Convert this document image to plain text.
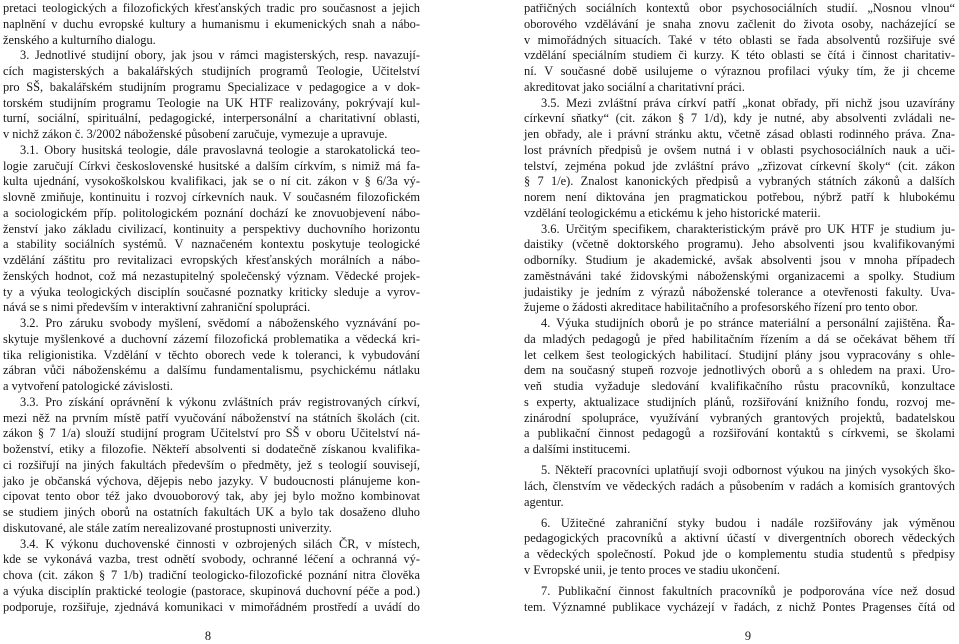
pretaci teologických a filozofických křesťanských tradic pro současnost a jejich
naplnění v duchu evropské kultury a humanismu i ekumenických snah a nábo-
ženského a kulturního dialogu.
3. Jednotlivé studijní obory, jak jsou v rámci magisterských, resp. navazují-
cích magisterských a bakalářských studijních programů Teologie, Učitelství
pro SŠ, bakalářském studijním programu Specializace v pedagogice a v dok-
torském studijním programu Teologie na UK HTF realizovány, pokrývají kul-
turní, sociální, spirituální, pedagogické, interpersonální a charitativní oblasti,
v nichž zákon č. 3/2002 náboženské působení zaručuje, vymezuje a upravuje.
3.1. Obory husitská teologie, dále pravoslavná teologie a starokatolická teo-
logie zaručují Církvi československé husitské a dalším církvím, s nimiž má fa-
kulta ujednání, vysokoškolskou kvalifikaci, jak se o ní cit. zákon v § 6/3a vý-
slovně zmiňuje, kontinuitu i rozvoj církevních nauk. V současném filozofickém
a sociologickém příp. politologickém poznání dochází ke znovuobjevení nábo-
ženství jako základu civilizací, kontinuity a perspektivy duchovního horizontu
a stability sociálních systémů. V naznačeném kontextu poskytuje teologické
vzdělání záštitu pro revitalizaci evropských křesťanských morálních a nábo-
ženských hodnot, což má nezastupitelný společenský význam. Vědecké projek-
ty a výuka teologických disciplín současné poznatky kriticky sleduje a vyrov-
nává se s nimi především v interaktivní zahraniční spolupráci.
3.2. Pro záruku svobody myšlení, svědomí a náboženského vyznávání po-
skytuje myšlenkové a duchovní zázemí filozofická problematika a vědecká kri-
tika religionistika. Vzdělání v těchto oborech vede k toleranci, k vybudování
zábran vůči náboženskému a dalšímu fundamentalismu, psychickému nátlaku
a vytvoření patologické závislosti.
3.3. Pro získání oprávnění k výkonu zvláštních práv registrovaných církví,
mezi něž na prvním místě patří vyučování náboženství na státních školách (cit.
zákon § 7 1/a) slouží studijní program Učitelství pro SŠ v oboru Učitelství ná-
boženství, etiky a filozofie. Někteří absolventi si dodatečně získanou kvalifika-
ci rozšiřují na jiných fakultách především o předměty, jež s teologií souvisejí,
jako je občanská výchova, dějepis nebo jazyky. V budoucnosti plánujeme kon-
cipovat tento obor též jako dvouoborový tak, aby jej bylo možno kombinovat
se studiem jiných oborů na ostatních fakultách UK a bylo tak dosaženo dluho
diskutované, ale stále zatím nerealizované prostupnosti univerzity.
3.4. K výkonu duchovenské činnosti v ozbrojených silách ČR, v místech,
kde se vykonává vazba, trest odnětí svobody, ochranné léčení a ochranná vý-
chova (cit. zákon § 7 1/b) tradiční teologicko-filozofické poznání nitra člověka
a výuka disciplín praktické teologie (pastorace, skupinová duchovní péče a pod.)
podporuje, rozšiřuje, zjednává komunikaci v mimořádném prostředí a uvádí do
8
patřičných sociálních kontextů obor psychosociálních studií. „Nosnou vlnou“
oborového vzdělávání je snaha znovu začlenit do života osoby, nacházející se
v mimořádných situacích. Také v této oblasti se řada absolventů rozšiřuje své
vzdělání speciálním studiem či kurzy. K této oblasti se čítá i činnost charitativ-
ní. V současné době usilujeme o výraznou profilaci výuky tím, že ji chceme
akreditovat jako sociální a charitativní práci.
3.5. Mezi zvláštní práva církví patří „konat obřady, při nichž jsou uzavírány
církevní sňatky“ (cit. zákon § 7 1/d), kdy je nutné, aby absolventi zvládali ne-
jen obřady, ale i právní stránku aktu, včetně zásad oblasti rodinného práva. Zna-
lost právních předpisů je ovšem nutná i v oblasti psychosociálních nauk a uči-
telství, zejména pokud jde zvláštní právo „zřizovat církevní školy“ (cit. zákon
§ 7 1/e). Znalost kanonických předpisů a vybraných státních zákonů a dalších
norem není diktována jen pragmatickou potřebou, nýbrž patří k hlubokému
vzdělání teologickému a etickému k jeho historické materii.
3.6. Určitým specifikem, charakteristickým právě pro UK HTF je studium ju-
daistiky (včetně doktorského programu). Jeho absolventi jsou kvalifikovanými
odborníky. Studium je akademické, avšak absolventi jsou v mnoha případech
zaměstnáváni také židovskými náboženskými organizacemi a spolky. Studium
judaistiky je jedním z výrazů náboženské tolerance a otevřenosti fakulty. Uva-
žujeme o žádosti akreditace habilitačního a profesorského řízení pro tento obor.
4. Výuka studijních oborů je po stránce materiální a personální zajištěna. Řa-
da mladých pedagogů je před habilitačním řízením a dá se očekávat během tří
let celkem šest teologických habilitací. Studijní plány jsou vypracovány s ohle-
dem na současný stupeň rozvoje jednotlivých oborů a s ohledem na praxi. Uro-
veň studia vyžaduje sledování kvalifikačního růstu pracovníků, konzultace
s experty, aktualizace studijních plánů, rozšiřování knižního fondu, rozvoj me-
zinárodní spolupráce, využívání vybraných grantových projektů, badatelskou
a publikační činnost pedagogů a rozšiřování kontaktů s církvemi, se školami
a dalšími institucemi.
5. Někteří pracovníci uplatňují svoji odbornost výukou na jiných vysokých ško-
lách, členstvím ve vědeckých radách a působením v radách a komisích grantových
agentur.
6. Užitečné zahraniční styky budou i nadále rozšiřovány jak výměnou
pedagogických pracovníků a aktivní účastí v divergentních oborech vědeckých
a vědeckých společností. Pokud jde o komplementu studia studentů s předpisy
v Evropské unii, je tento proces ve stadiu ukončení.
7. Publikační činnost fakultních pracovníků je podporována více než dosud
tem. Významné publikace vycházejí v řadách, z nichž Pontes Pragenses čítá od
9
